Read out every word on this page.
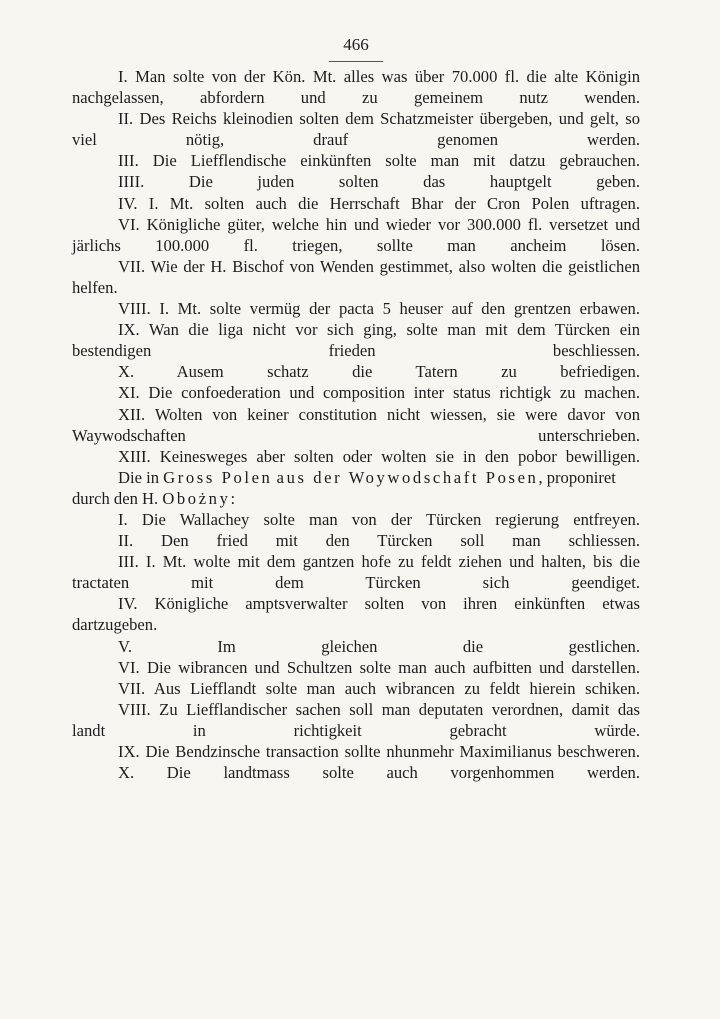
466

I. Man solte von der Kön. Mt. alles was über 70.000 fl. die alte Königin nachgelassen, abfordern und zu gemeinem nutz wenden.

II. Des Reichs kleinodien solten dem Schatzmeister übergeben, und gelt, so viel nötig, drauf genomen werden.

III. Die Liefflendische einkünften solte man mit datzu gebrauchen.

IIII. Die juden solten das hauptgelt geben.

IV. I. Mt. solten auch die Herrschaft Bhar der Cron Polen uftragen.

VI. Königliche güter, welche hin und wieder vor 300.000 fl. versetzet und järlichs 100.000 fl. triegen, sollte man ancheim lösen.

VII. Wie der H. Bischof von Wenden gestimmet, also wolten die geistlichen helfen.

VIII. I. Mt. solte vermüg der pacta 5 heuser auf den grentzen erbawen.

IX. Wan die liga nicht vor sich ging, solte man mit dem Türcken ein bestendigen frieden beschliessen.

X. Ausem schatz die Tatern zu befriedigen.

XI. Die confoederation und composition inter status richtigk zu machen.

XII. Wolten von keiner constitution nicht wiessen, sie were davor von Waywodschaften unterschrieben.

XIII. Keinesweges aber solten oder wolten sie in den pobor bewilligen.

Die in Gross Polen aus der Woywodschaft Posen, proponiret durch den H. Obożny:

I. Die Wallachey solte man von der Türcken regierung entfreyen.

II. Den fried mit den Türcken soll man schliessen.

III. I. Mt. wolte mit dem gantzen hofe zu feldt ziehen und halten, bis die tractaten mit dem Türcken sich geendiget.

IV. Königliche amptsverwalter solten von ihren einkünften etwas dartzugeben.

V. Im gleichen die gestlichen.

VI. Die wibrancen und Schultzen solte man auch aufbitten und darstellen.

VII. Aus Liefflandt solte man auch wibrancen zu feldt hierein schiken.

VIII. Zu Liefflandischer sachen soll man deputaten verordnen, damit das landt in richtigkeit gebracht würde.

IX. Die Bendzinsche transaction sollte nhunmehr Maximilianus beschweren.

X. Die landtmass solte auch vorgenhommen werden.
